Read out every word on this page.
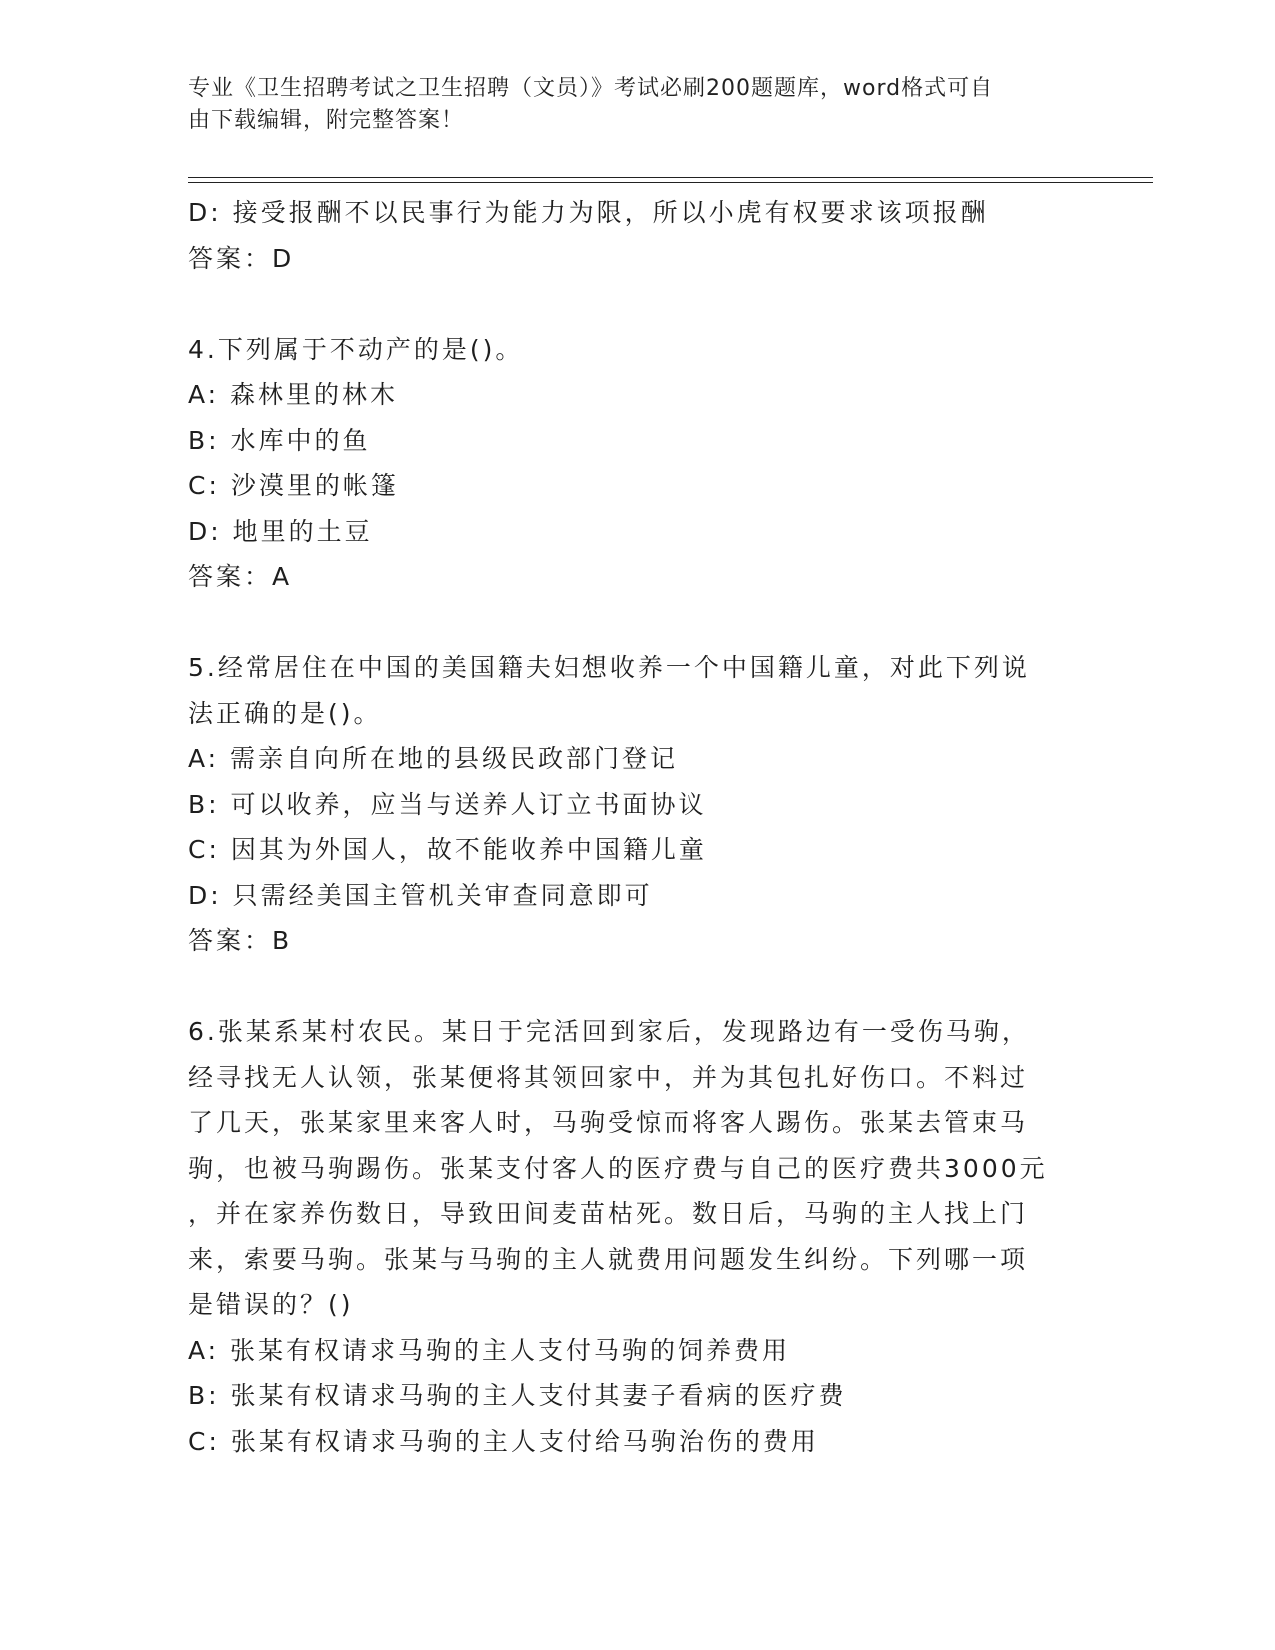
专业《卫生招聘考试之卫生招聘（文员）》考试必刷200题题库，word格式可自
由下载编辑，附完整答案！
D: 接受报酬不以民事行为能力为限，所以小虎有权要求该项报酬
答案：D
4.下列属于不动产的是()。
A: 森林里的林木
B: 水库中的鱼
C: 沙漠里的帐篷
D: 地里的土豆
答案：A
5.经常居住在中国的美国籍夫妇想收养一个中国籍儿童，对此下列说
法正确的是()。
A: 需亲自向所在地的县级民政部门登记
B: 可以收养，应当与送养人订立书面协议
C: 因其为外国人，故不能收养中国籍儿童
D: 只需经美国主管机关审查同意即可
答案：B
6.张某系某村农民。某日于完活回到家后，发现路边有一受伤马驹，
经寻找无人认领，张某便将其领回家中，并为其包扎好伤口。不料过
了几天，张某家里来客人时，马驹受惊而将客人踢伤。张某去管束马
驹，也被马驹踢伤。张某支付客人的医疗费与自己的医疗费共3000元
，并在家养伤数日，导致田间麦苗枯死。数日后，马驹的主人找上门
来，索要马驹。张某与马驹的主人就费用问题发生纠纷。下列哪一项
是错误的？()
A: 张某有权请求马驹的主人支付马驹的饲养费用
B: 张某有权请求马驹的主人支付其妻子看病的医疗费
C: 张某有权请求马驹的主人支付给马驹治伤的费用
